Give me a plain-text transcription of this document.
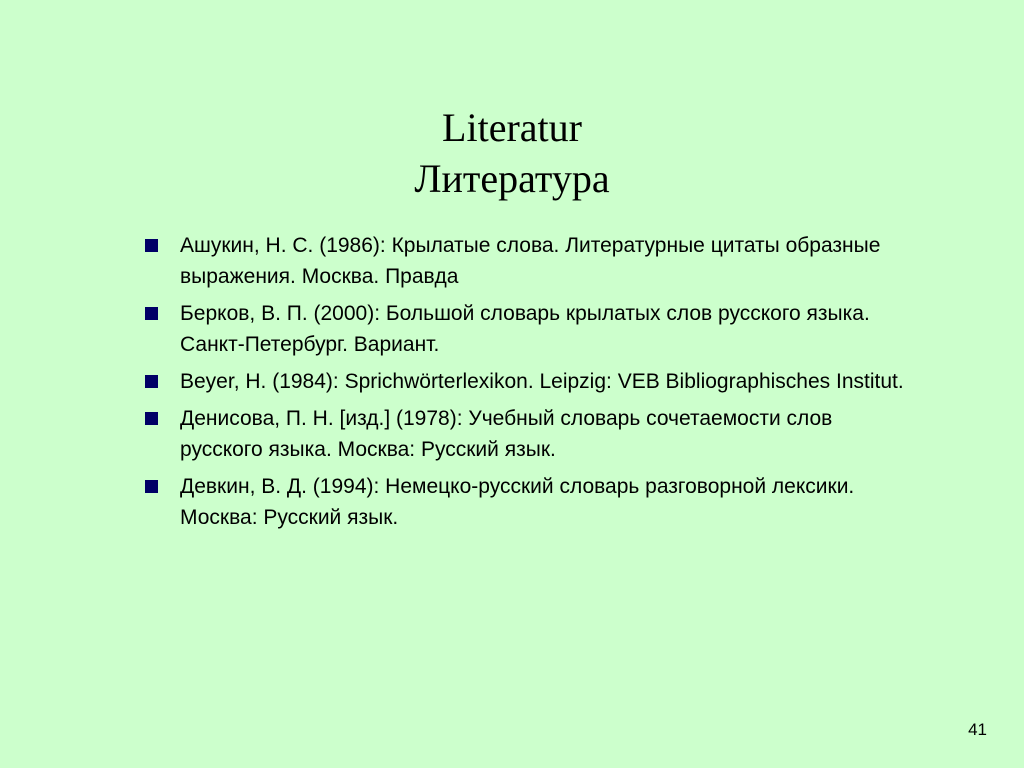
Literatur
Литература
Ашукин, Н. С. (1986): Крылатые слова. Литературные цитаты образные выражения. Москва. Правда
Берков, В. П. (2000): Большой словарь крылатых слов русского языка. Санкт-Петербург. Вариант.
Beyer, H. (1984): Sprichwörterlexikon. Leipzig: VEB Bibliographisches Institut.
Денисова, П. Н. [изд.] (1978): Учебный словарь сочетаемости слов русского языка. Москва: Русский язык.
Девкин, В. Д. (1994): Немецко-русский словарь разговорной лексики. Москва: Русский язык.
41
